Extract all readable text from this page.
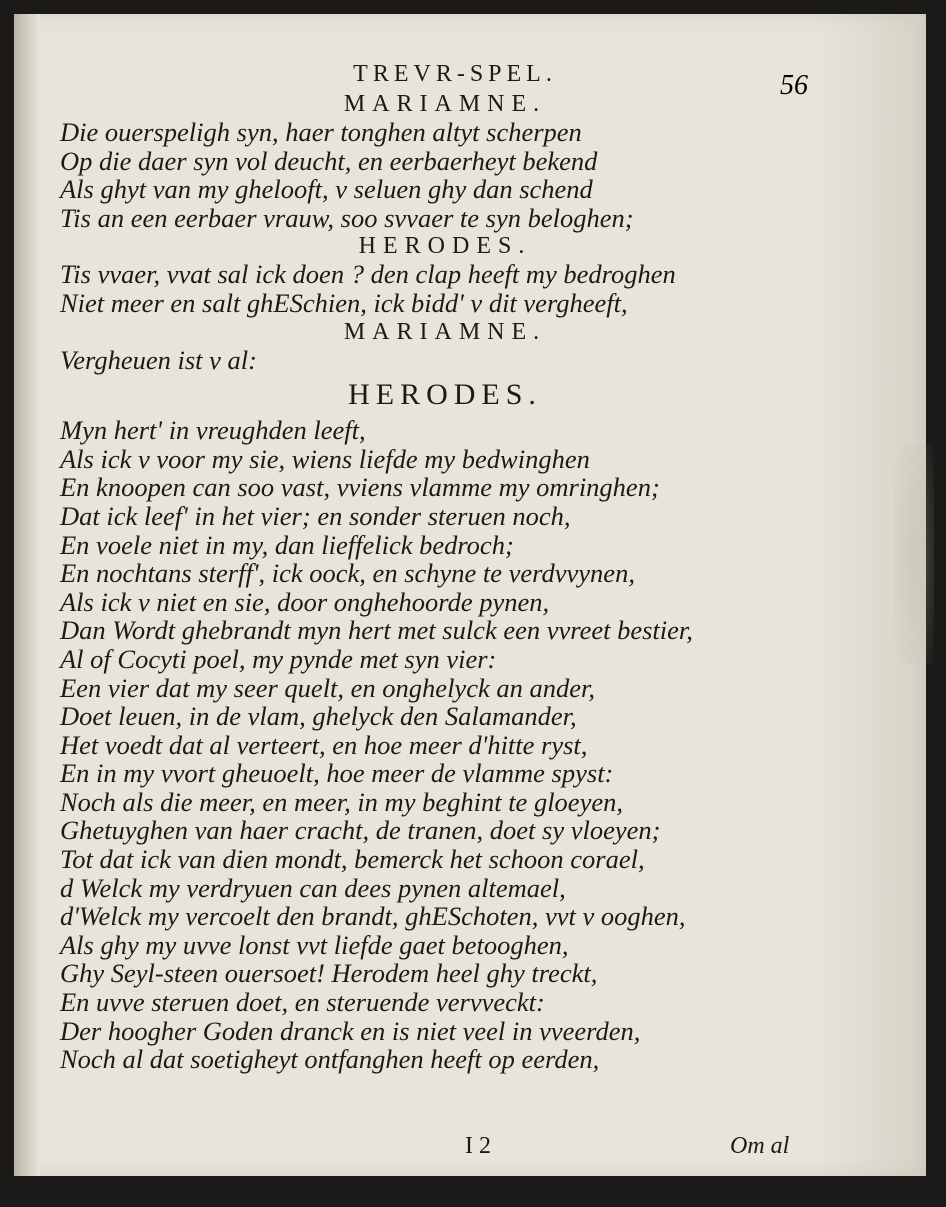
56
TREVR-SPEL.
MARIAMNE.
Die ouerspeligh syn, haer tonghen altyt scherpen
Op die daer syn vol deucht, en eerbaerheyt bekend
Als ghyt van my ghelooft, v seluen ghy dan schend
Tis an een eerbaer vrauw, soo svvaer te syn beloghen;
HERODES.
Tis vvaer, vvat sal ick doen ? den clap heeft my bedroghen
Niet meer en salt ghESchien, ick bidd' v dit vergheeft,
MARIAMNE.
Vergheuen ist v al:
HERODES.
Myn hert' in vreughden leeft,
Als ick v voor my sie, wiens liefde my bedwinghen
En knoopen can soo vast, vviens vlamme my omringhen;
Dat ick leef' in het vier; en sonder steruen noch,
En voele niet in my, dan lieffelick bedroch;
En nochtans sterff', ick oock, en schyne te verdvvynen,
Als ick v niet en sie, door onghehoorde pynen,
Dan Wordt ghebrandt myn hert met sulck een vvreet bestier,
Al of Cocyti poel, my pynde met syn vier:
Een vier dat my seer quelt, en onghelyck an ander,
Doet leuen, in de vlam, ghelyck den Salamander,
Het voedt dat al verteert, en hoe meer d'hitte ryst,
En in my vvort gheuoelt, hoe meer de vlamme spyst:
Noch als die meer, en meer, in my beghint te gloeyen,
Ghetuyghen van haer cracht, de tranen, doet sy vloeyen;
Tot dat ick van dien mondt, bemerck het schoon corael,
d Welck my verdryuen can dees pynen altemael,
d'Welck my vercoelt den brandt, ghESchoten, vvt v ooghen,
Als ghy my uvve lonst vvt liefde gaet betooghen,
Ghy Seyl-steen ouersoet! Herodem heel ghy treckt,
En uvve steruen doet, en steruende vervveckt:
Der hoogher Goden dranck en is niet veel in vveerden,
Noch al dat soetigheyt ontfanghen heeft op eerden,
I 2	Om al
